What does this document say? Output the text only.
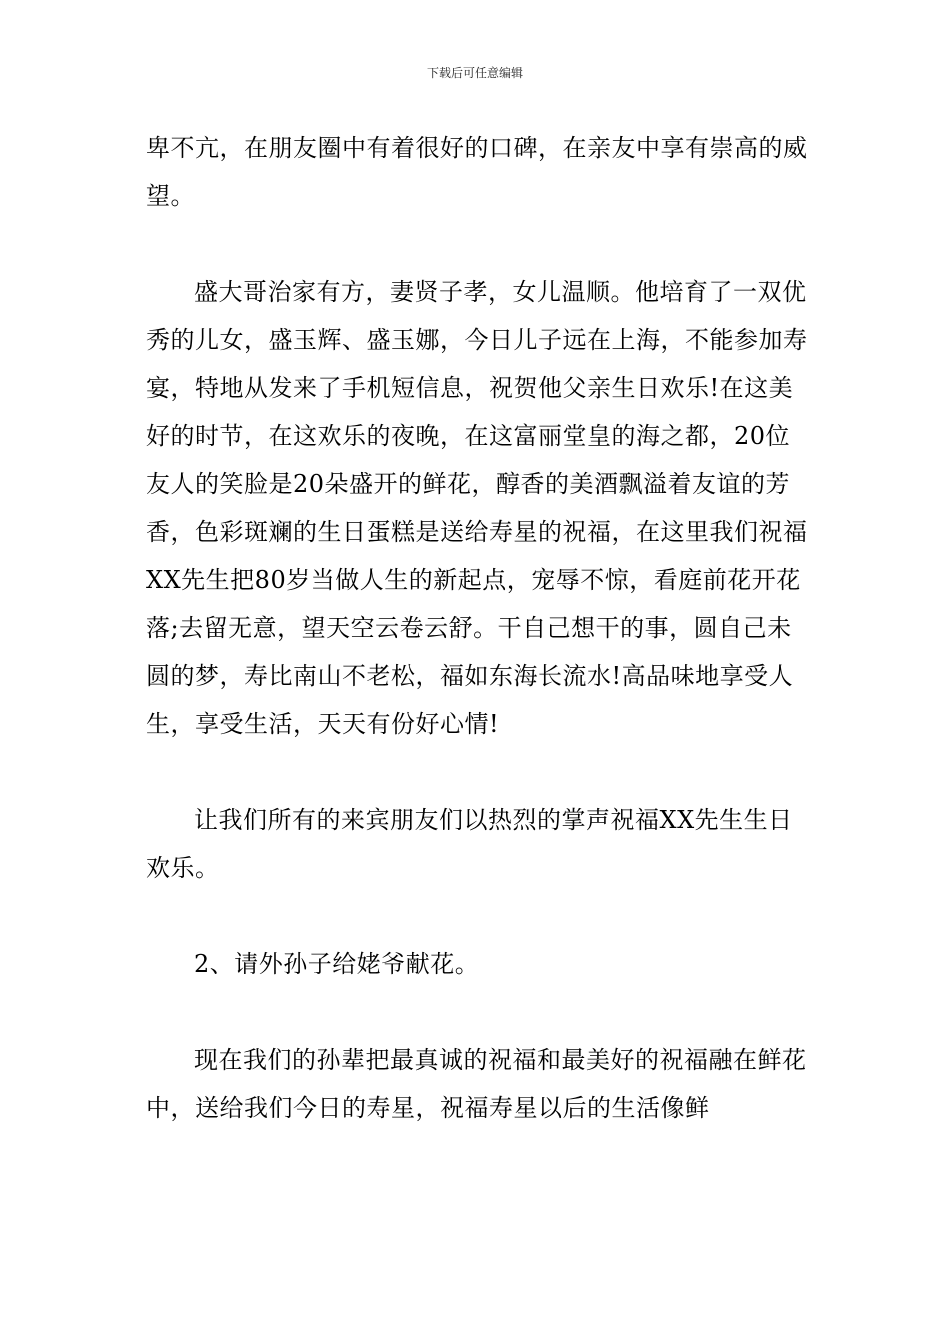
下载后可任意编辑

卑不亢，在朋友圈中有着很好的口碑，在亲友中享有崇高的威望。

盛大哥治家有方，妻贤子孝，女儿温顺。他培育了一双优秀的儿女，盛玉辉、盛玉娜，今日儿子远在上海，不能参加寿宴，特地从发来了手机短信息，祝贺他父亲生日欢乐!在这美好的时节，在这欢乐的夜晚，在这富丽堂皇的海之都，20位友人的笑脸是20朵盛开的鲜花，醇香的美酒飘溢着友谊的芳香，色彩斑斓的生日蛋糕是送给寿星的祝福，在这里我们祝福XX先生把80岁当做人生的新起点，宠辱不惊，看庭前花开花落;去留无意，望天空云卷云舒。干自己想干的事，圆自己未圆的梦，寿比南山不老松，福如东海长流水!高品味地享受人生，享受生活，天天有份好心情!

让我们所有的来宾朋友们以热烈的掌声祝福XX先生生日欢乐。

2、请外孙子给姥爷献花。

现在我们的孙辈把最真诚的祝福和最美好的祝福融在鲜花中，送给我们今日的寿星，祝福寿星以后的生活像鲜
